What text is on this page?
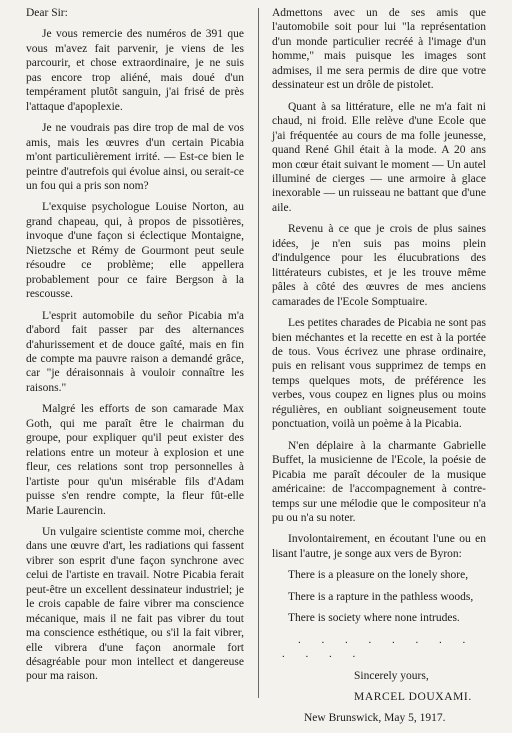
Dear Sir:

Je vous remercie des numéros de 391 que vous m'avez fait parvenir, je viens de les parcourir, et chose extraordinaire, je ne suis pas encore trop aliéné, mais doué d'un tempérament plutôt sanguin, j'ai frisé de près l'attaque d'apoplexie.

Je ne voudrais pas dire trop de mal de vos amis, mais les œuvres d'un certain Picabia m'ont particulièrement irrité. — Est-ce bien le peintre d'autrefois qui évolue ainsi, ou serait-ce un fou qui a pris son nom?

L'exquise psychologue Louise Norton, au grand chapeau, qui, à propos de pissotières, invoque d'une façon si éclectique Montaigne, Nietzsche et Rémy de Gourmont peut seule résoudre ce problème; elle appellera probablement pour ce faire Bergson à la rescousse.

L'esprit automobile du señor Picabia m'a d'abord fait passer par des alternances d'ahurissement et de douce gaîté, mais en fin de compte ma pauvre raison a demandé grâce, car "je déraisonnais à vouloir connaître les raisons."

Malgré les efforts de son camarade Max Goth, qui me paraît être le chairman du groupe, pour expliquer qu'il peut exister des relations entre un moteur à explosion et une fleur, ces relations sont trop personnelles à l'artiste pour qu'un misérable fils d'Adam puisse s'en rendre compte, la fleur fût-elle Marie Laurencin.

Un vulgaire scientiste comme moi, cherche dans une œuvre d'art, les radiations qui fassent vibrer son esprit d'une façon synchrone avec celui de l'artiste en travail. Notre Picabia ferait peut-être un excellent dessinateur industriel; je le crois capable de faire vibrer ma conscience mécanique, mais il ne fait pas vibrer du tout ma conscience esthétique, ou s'il la fait vibrer, elle vibrera d'une façon anormale fort désagréable pour mon intellect et dangereuse pour ma raison.

Admettons avec un de ses amis que l'automobile soit pour lui "la représentation d'un monde particulier recréé à l'image d'un homme," mais puisque les images sont admises, il me sera permis de dire que votre dessinateur est un drôle de pistolet.

Quant à sa littérature, elle ne m'a fait ni chaud, ni froid. Elle relève d'une Ecole que j'ai fréquentée au cours de ma folle jeunesse, quand René Ghil était à la mode. A 20 ans mon cœur était suivant le moment — Un autel illuminé de cierges — une armoire à glace inexorable — un ruisseau ne battant que d'une aile.

Revenu à ce que je crois de plus saines idées, je n'en suis pas moins plein d'indulgence pour les élucubrations des littérateurs cubistes, et je les trouve même pâles à côté des œuvres de mes anciens camarades de l'Ecole Somptuaire.

Les petites charades de Picabia ne sont pas bien méchantes et la recette en est à la portée de tous. Vous écrivez une phrase ordinaire, puis en relisant vous supprimez de temps en temps quelques mots, de préférence les verbes, vous coupez en lignes plus ou moins régulières, en oubliant soigneusement toute ponctuation, voilà un poème à la Picabia.

N'en déplaire à la charmante Gabrielle Buffet, la musicienne de l'Ecole, la poésie de Picabia me paraît découler de la musique américaine: de l'accompagnement à contre-temps sur une mélodie que le compositeur n'a pu ou n'a su noter.

Involontairement, en écoutant l'une ou en lisant l'autre, je songe aux vers de Byron:

There is a pleasure on the lonely shore,

There is a rapture in the pathless woods,

There is society where none intrudes.

. . . . . . . . . . . .

Sincerely yours,

MARCEL DOUXAMI.

New Brunswick, May 5, 1917.
